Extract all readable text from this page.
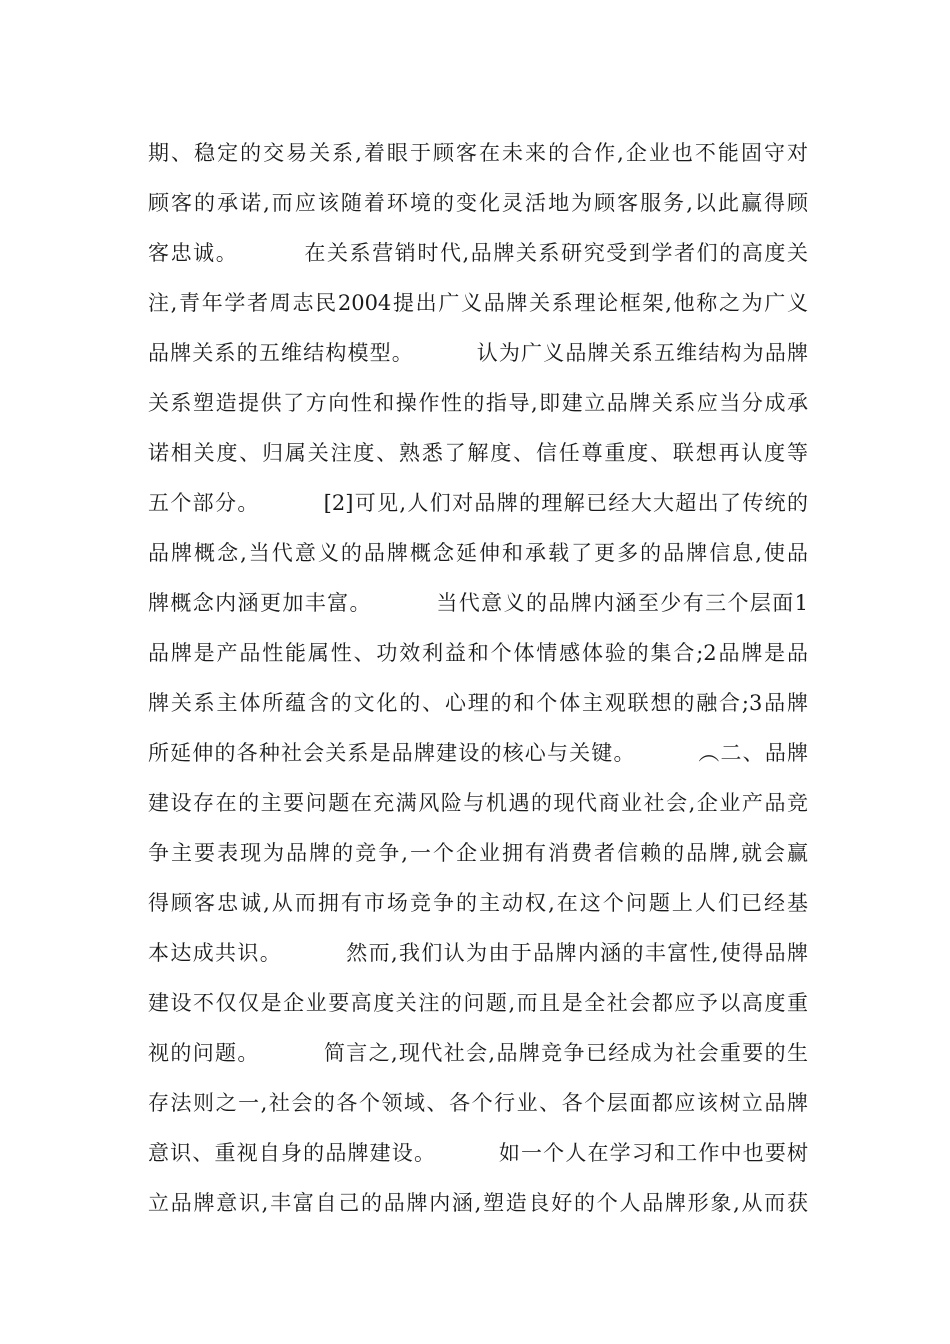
期、稳定的交易关系,着眼于顾客在未来的合作,企业也不能固守对
顾客的承诺,而应该随着环境的变化灵活地为顾客服务,以此赢得顾
客忠诚。        在关系营销时代,品牌关系研究受到学者们的高度关
注,青年学者周志民2004提出广义品牌关系理论框架,他称之为广义
品牌关系的五维结构模型。        认为广义品牌关系五维结构为品牌
关系塑造提供了方向性和操作性的指导,即建立品牌关系应当分成承
诺相关度、归属关注度、熟悉了解度、信任尊重度、联想再认度等
五个部分。        [2]可见,人们对品牌的理解已经大大超出了传统的
品牌概念,当代意义的品牌概念延伸和承载了更多的品牌信息,使品
牌概念内涵更加丰富。        当代意义的品牌内涵至少有三个层面1
品牌是产品性能属性、功效利益和个体情感体验的集合;2品牌是品
牌关系主体所蕴含的文化的、心理的和个体主观联想的融合;3品牌
所延伸的各种社会关系是品牌建设的核心与关键。        ︵二、品牌
建设存在的主要问题在充满风险与机遇的现代商业社会,企业产品竞
争主要表现为品牌的竞争,一个企业拥有消费者信赖的品牌,就会赢
得顾客忠诚,从而拥有市场竞争的主动权,在这个问题上人们已经基
本达成共识。        然而,我们认为由于品牌内涵的丰富性,使得品牌
建设不仅仅是企业要高度关注的问题,而且是全社会都应予以高度重
视的问题。        简言之,现代社会,品牌竞争已经成为社会重要的生
存法则之一,社会的各个领域、各个行业、各个层面都应该树立品牌
意识、重视自身的品牌建设。        如一个人在学习和工作中也要树
立品牌意识,丰富自己的品牌内涵,塑造良好的个人品牌形象,从而获
